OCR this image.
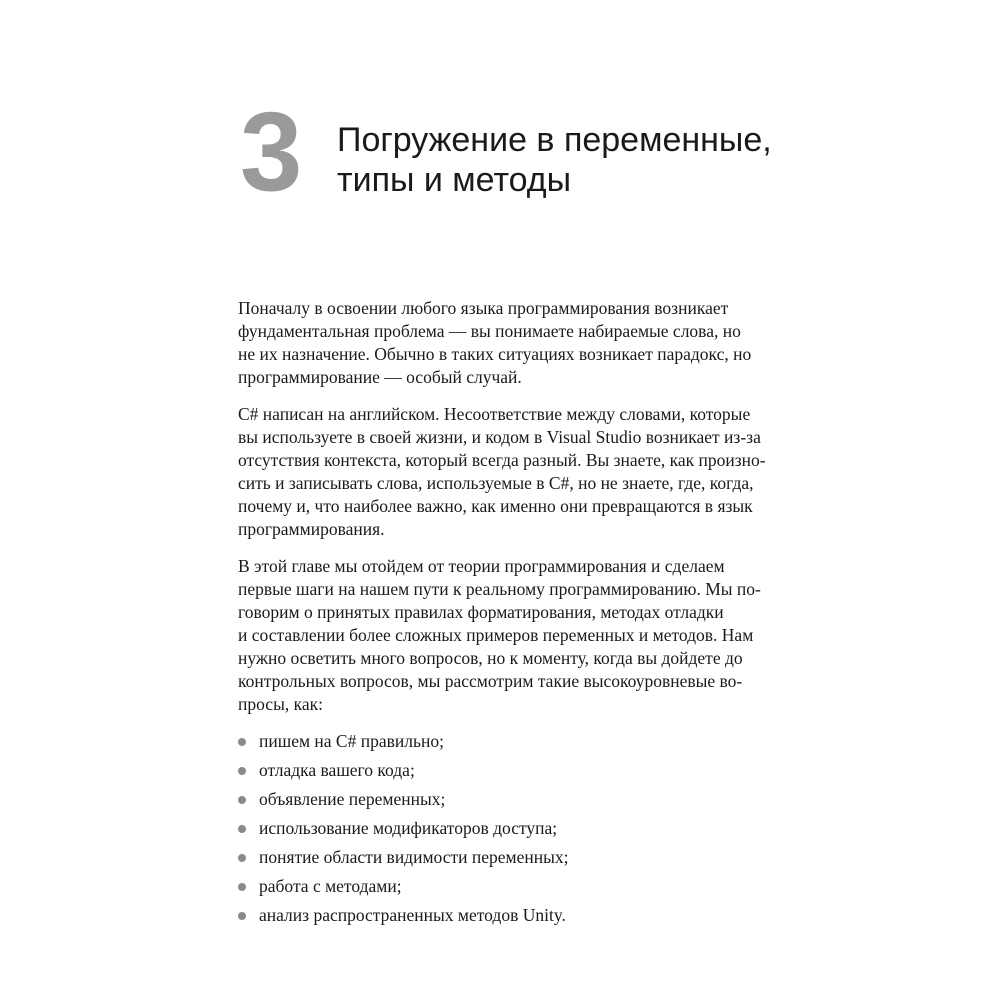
3 Погружение в переменные,
типы и методы

Поначалу в освоении любого языка программирования возникает
фундаментальная проблема — вы понимаете набираемые слова, но
не их назначение. Обычно в таких ситуациях возникает парадокс, но
программирование — особый случай.

C# написан на английском. Несоответствие между словами, которые
вы используете в своей жизни, и кодом в Visual Studio возникает из-за
отсутствия контекста, который всегда разный. Вы знаете, как произно-
сить и записывать слова, используемые в C#, но не знаете, где, когда,
почему и, что наиболее важно, как именно они превращаются в язык
программирования.

В этой главе мы отойдем от теории программирования и сделаем
первые шаги на нашем пути к реальному программированию. Мы по-
говорим о принятых правилах форматирования, методах отладки
и составлении более сложных примеров переменных и методов. Нам
нужно осветить много вопросов, но к моменту, когда вы дойдете до
контрольных вопросов, мы рассмотрим такие высокоуровневые во-
просы, как:

пишем на C# правильно;
отладка вашего кода;
объявление переменных;
использование модификаторов доступа;
понятие области видимости переменных;
работа с методами;
анализ распространенных методов Unity.
